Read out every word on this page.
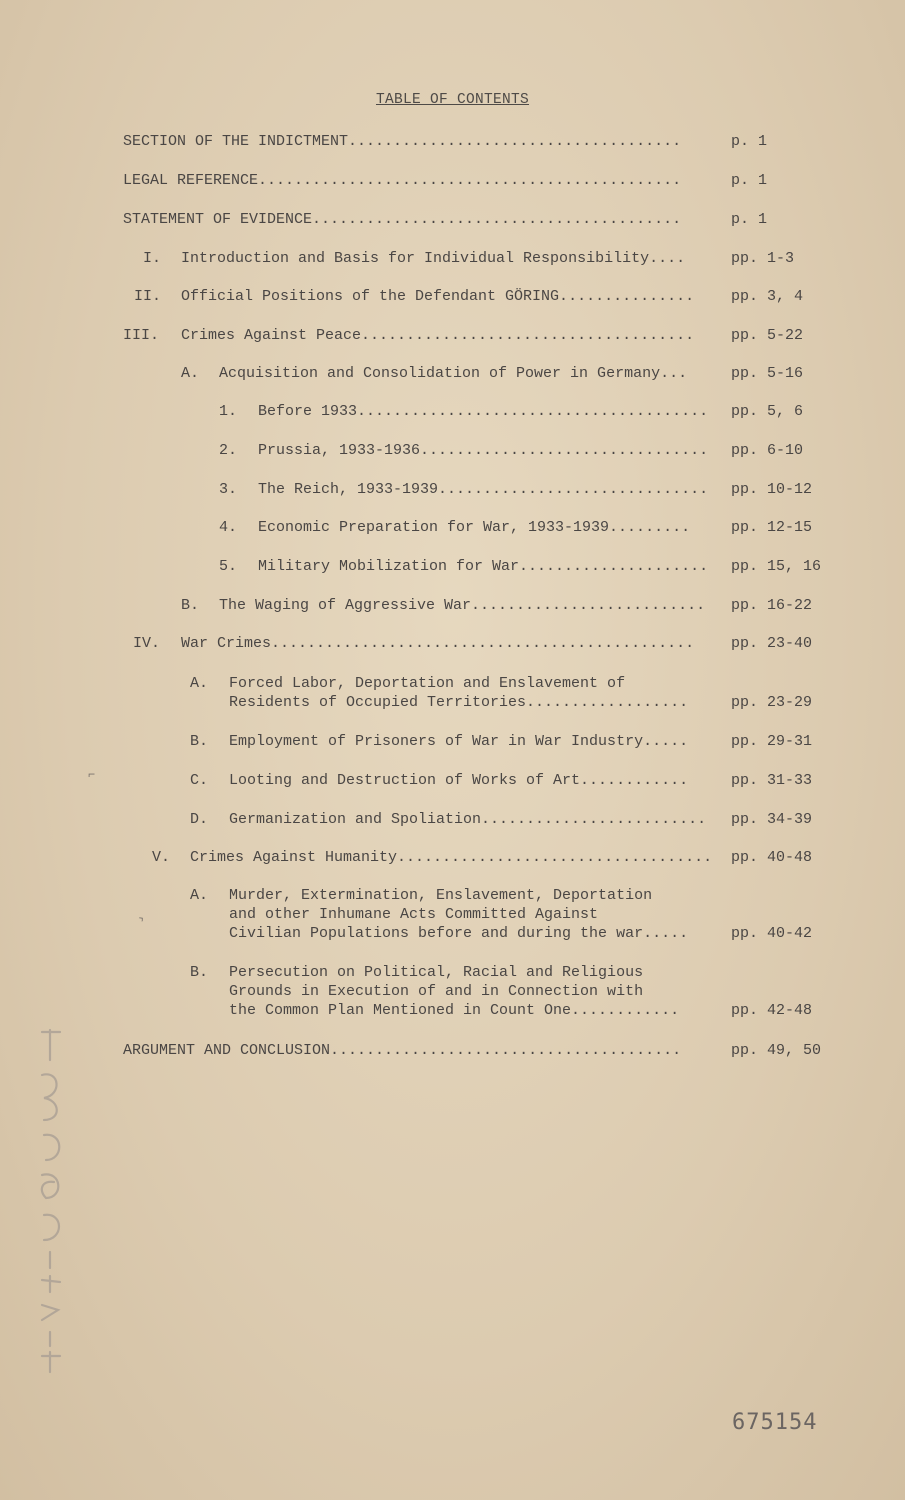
TABLE OF CONTENTS
SECTION OF THE INDICTMENT.....................................	p. 1
LEGAL REFERENCE...............................................	p. 1
STATEMENT OF EVIDENCE.........................................	p. 1
I. Introduction and Basis for Individual Responsibility....	pp. 1-3
II. Official Positions of the Defendant GÖRING............... pp. 3, 4
III. Crimes Against Peace..................................... pp. 5-22
A. Acquisition and Consolidation of Power in Germany...	pp. 5-16
1. Before 1933....................................... pp. 5, 6
2. Prussia, 1933-1936................................ pp. 6-10
3. The Reich, 1933-1939.............................. pp. 10-12
4. Economic Preparation for War, 1933-1939.........	pp. 12-15
5. Military Mobilization for War..................... pp. 15, 16
B. The Waging of Aggressive War.......................... pp. 16-22
IV. War Crimes............................................... pp. 23-40
A. Forced Labor, Deportation and Enslavement of
Residents of Occupied Territories..................	pp. 23-29
B. Employment of Prisoners of War in War Industry.....	pp. 29-31
C. Looting and Destruction of Works of Art............	pp. 31-33
D. Germanization and Spoliation......................... pp. 34-39
V. Crimes Against Humanity................................... pp. 40-48
A. Murder, Extermination, Enslavement, Deportation
and other Inhumane Acts Committed Against
Civilian Populations before and during the war.....	pp. 40-42
B. Persecution on Political, Racial and Religious
Grounds in Execution of and in Connection with
the Common Plan Mentioned in Count One............	pp. 42-48
ARGUMENT AND CONCLUSION.......................................	pp. 49, 50
⌐
›
675154
